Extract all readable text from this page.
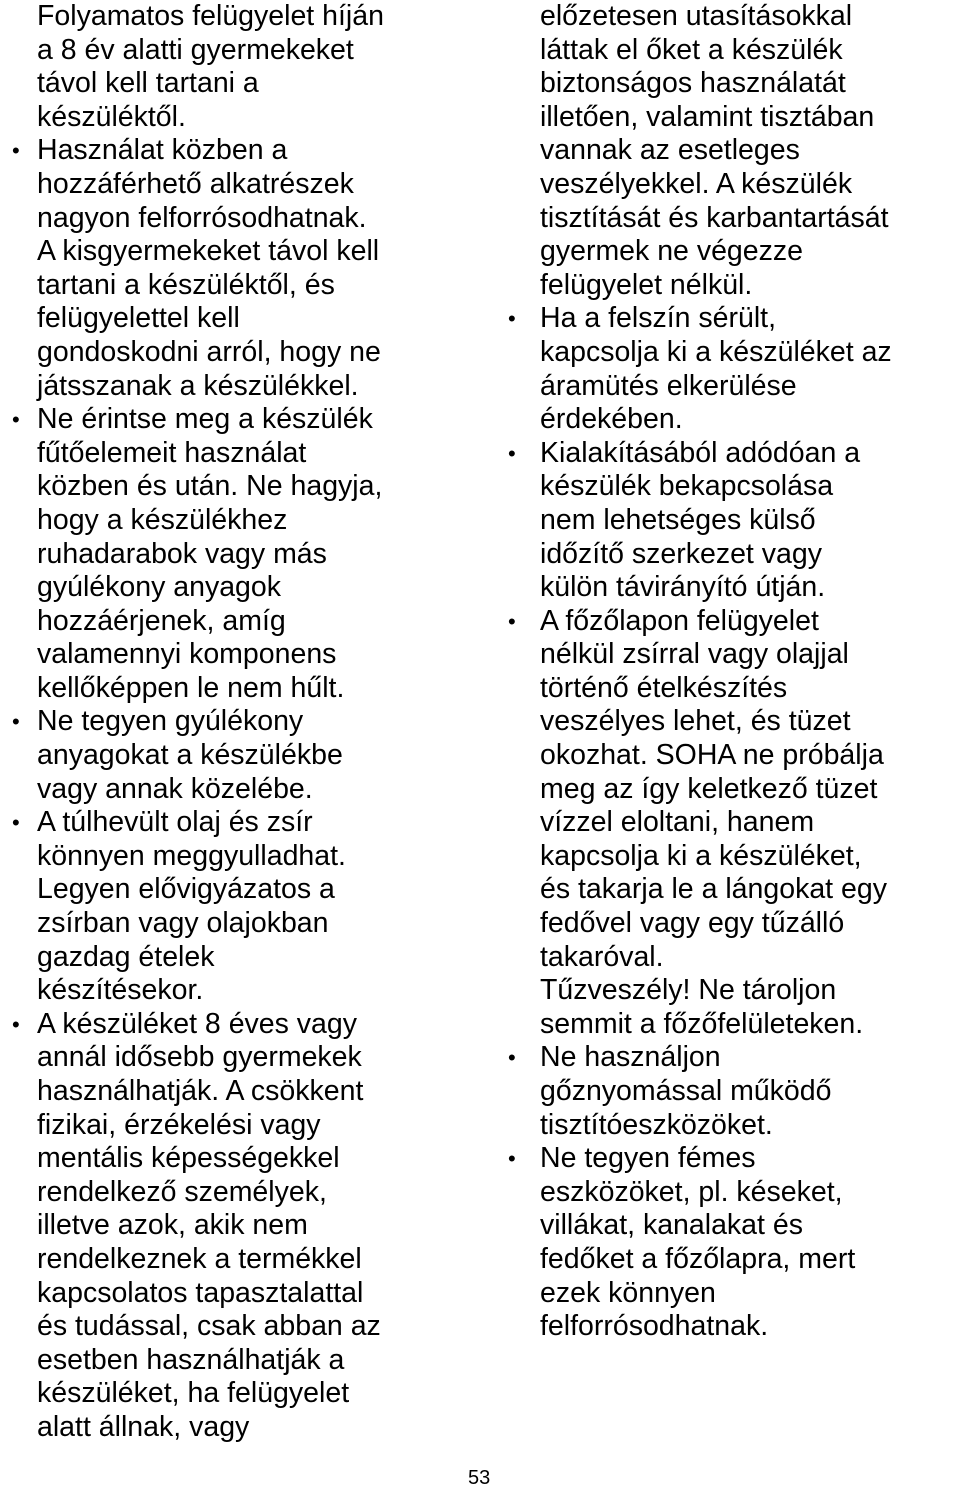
Folyamatos felügyelet híján
a 8 év alatti gyermekeket
távol kell tartani a
készüléktől.
• Használat közben a
hozzáférhető alkatrészek
nagyon felforrósodhatnak.
A kisgyermekeket távol kell
tartani a készüléktől, és
felügyelettel kell
gondoskodni arról, hogy ne
játsszanak a készülékkel.
• Ne érintse meg a készülék
fűtőelemeit használat
közben és után. Ne hagyja,
hogy a készülékhez
ruhadarabok vagy más
gyúlékony anyagok
hozzáérjenek, amíg
valamennyi komponens
kellőképpen le nem hűlt.
• Ne tegyen gyúlékony
anyagokat a készülékbe
vagy annak közelébe.
• A túlhevült olaj és zsír
könnyen meggyulladhat.
Legyen elővigyázatos a
zsírban vagy olajokban
gazdag ételek
készítésekor.
• A készüléket 8 éves vagy
annál idősebb gyermekek
használhatják. A csökkent
fizikai, érzékelési vagy
mentális képességekkel
rendelkező személyek,
illetve azok, akik nem
rendelkeznek a termékkel
kapcsolatos tapasztalattal
és tudással, csak abban az
esetben használhatják a
készüléket, ha felügyelet
alatt állnak, vagy
előzetesen utasításokkal
láttak el őket a készülék
biztonságos használatát
illetően, valamint tisztában
vannak az esetleges
veszélyekkel. A készülék
tisztítását és karbantartását
gyermek ne végezze
felügyelet nélkül.
• Ha a felszín sérült,
kapcsolja ki a készüléket az
áramütés elkerülése
érdekében.
• Kialakításából adódóan a
készülék bekapcsolása
nem lehetséges külső
időzítő szerkezet vagy
külön távirányító útján.
• A főzőlapon felügyelet
nélkül zsírral vagy olajjal
történő ételkészítés
veszélyes lehet, és tüzet
okozhat. SOHA ne próbálja
meg az így keletkező tüzet
vízzel eloltani, hanem
kapcsolja ki a készüléket,
és takarja le a lángokat egy
fedővel vagy egy tűzálló
takaróval.
Tűzveszély! Ne tároljon
semmit a főzőfelületeken.
• Ne használjon
gőznyomással működő
tisztítóeszközöket.
• Ne tegyen fémes
eszközöket, pl. késeket,
villákat, kanalakat és
fedőket a főzőlapra, mert
ezek könnyen
felforrósodhatnak.
53
